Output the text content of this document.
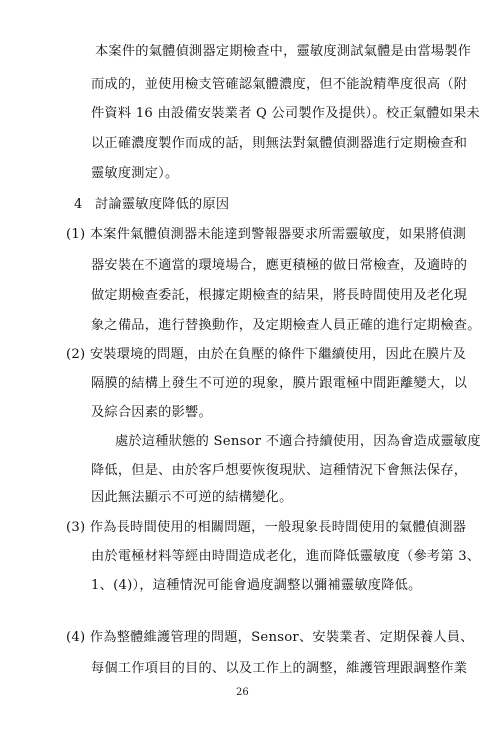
本案件的氣體偵測器定期檢查中，靈敏度測試氣體是由當場製作
而成的，並使用檢支管確認氣體濃度，但不能說精準度很高（附
件資料 16 由設備安裝業者 Q 公司製作及提供）。校正氣體如果未
以正確濃度製作而成的話，則無法對氣體偵測器進行定期檢查和
靈敏度測定）。
4 討論靈敏度降低的原因
(1) 本案件氣體偵測器未能達到警報器要求所需靈敏度，如果將偵測
器安裝在不適當的環境場合，應更積極的做日常檢查，及適時的
做定期檢查委託，根據定期檢查的結果，將長時間使用及老化現
象之備品，進行替換動作，及定期檢查人員正確的進行定期檢查。
(2) 安裝環境的問題，由於在負壓的條件下繼續使用，因此在膜片及
隔膜的結構上發生不可逆的現象，膜片跟電極中間距離變大，以
及綜合因素的影響。
處於這種狀態的 Sensor 不適合持續使用，因為會造成靈敏度
降低，但是、由於客戶想要恢復現狀、這種情況下會無法保存，
因此無法顯示不可逆的結構變化。
(3) 作為長時間使用的相關問題，一般現象長時間使用的氣體偵測器
由於電極材料等經由時間造成老化，進而降低靈敏度（參考第 3、
1、(4)），這種情況可能會過度調整以彌補靈敏度降低。
(4) 作為整體維護管理的問題，Sensor、安裝業者、定期保養人員、
每個工作項目的目的、以及工作上的調整，維護管理跟調整作業
26
